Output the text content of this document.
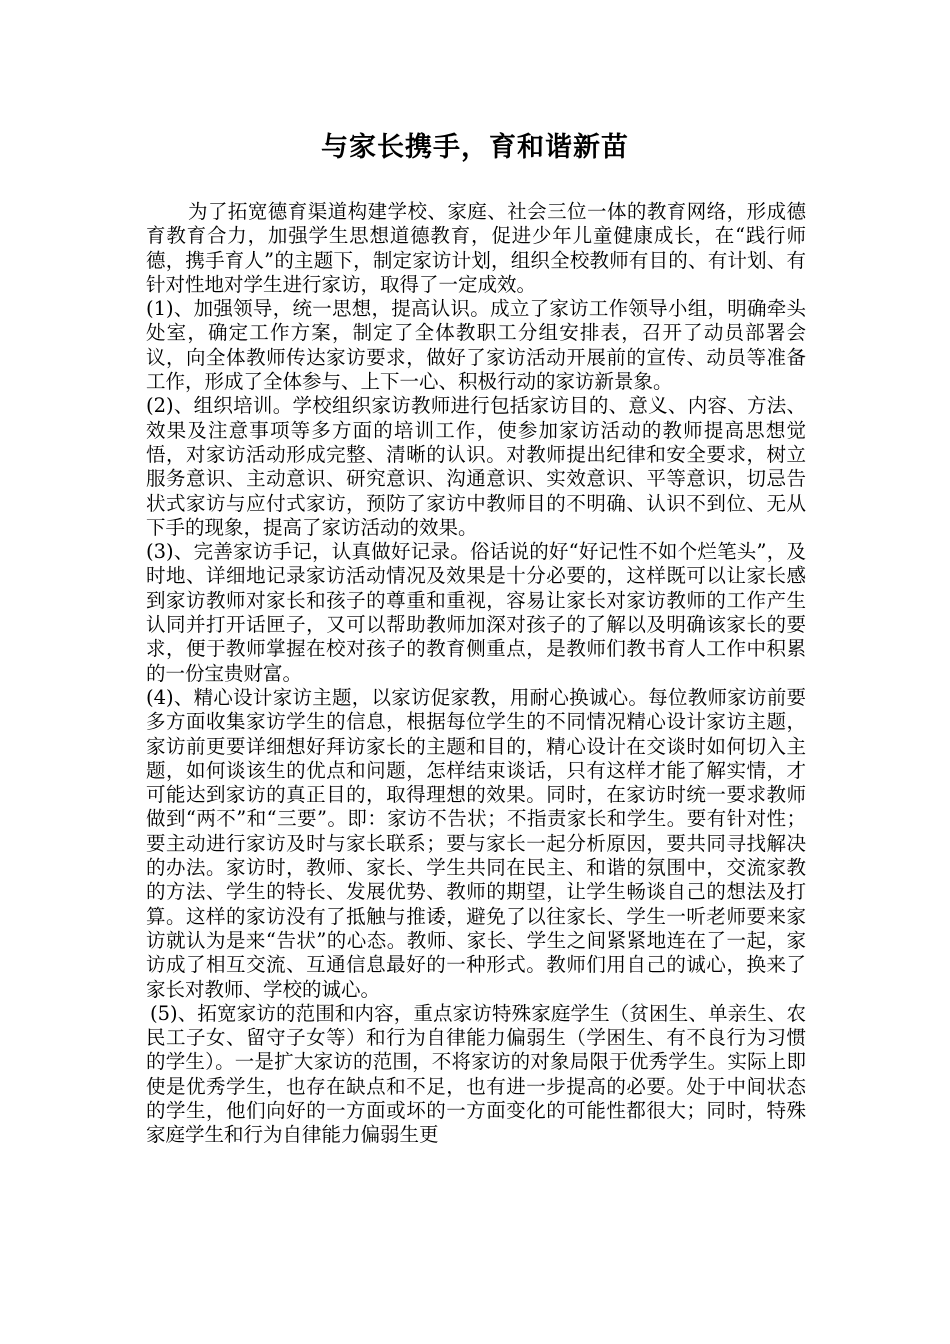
与家长携手，育和谐新苗

为了拓宽德育渠道构建学校、家庭、社会三位一体的教育网络，形成德育教育合力，加强学生思想道德教育，促进少年儿童健康成长，在“践行师德，携手育人”的主题下，制定家访计划，组织全校教师有目的、有计划、有针对性地对学生进行家访，取得了一定成效。

(1)、加强领导，统一思想，提高认识。成立了家访工作领导小组，明确牵头处室，确定工作方案，制定了全体教职工分组安排表，召开了动员部署会议，向全体教师传达家访要求，做好了家访活动开展前的宣传、动员等准备工作，形成了全体参与、上下一心、积极行动的家访新景象。

(2)、组织培训。学校组织家访教师进行包括家访目的、意义、内容、方法、效果及注意事项等多方面的培训工作，使参加家访活动的教师提高思想觉悟，对家访活动形成完整、清晰的认识。对教师提出纪律和安全要求，树立服务意识、主动意识、研究意识、沟通意识、实效意识、平等意识，切忌告状式家访与应付式家访，预防了家访中教师目的不明确、认识不到位、无从下手的现象，提高了家访活动的效果。

(3)、完善家访手记，认真做好记录。俗话说的好“好记性不如个烂笔头”，及时地、详细地记录家访活动情况及效果是十分必要的，这样既可以让家长感到家访教师对家长和孩子的尊重和重视，容易让家长对家访教师的工作产生认同并打开话匣子，又可以帮助教师加深对孩子的了解以及明确该家长的要求，便于教师掌握在校对孩子的教育侧重点，是教师们教书育人工作中积累的一份宝贵财富。

(4)、精心设计家访主题，以家访促家教，用耐心换诚心。每位教师家访前要多方面收集家访学生的信息，根据每位学生的不同情况精心设计家访主题，家访前更要详细想好拜访家长的主题和目的，精心设计在交谈时如何切入主题，如何谈该生的优点和问题，怎样结束谈话，只有这样才能了解实情，才可能达到家访的真正目的，取得理想的效果。同时，在家访时统一要求教师做到“两不”和“三要”。即：家访不告状；不指责家长和学生。要有针对性；要主动进行家访及时与家长联系；要与家长一起分析原因，要共同寻找解决的办法。家访时，教师、家长、学生共同在民主、和谐的氛围中，交流家教的方法、学生的特长、发展优势、教师的期望，让学生畅谈自己的想法及打算。这样的家访没有了抵触与推诿，避免了以往家长、学生一听老师要来家访就认为是来“告状”的心态。教师、家长、学生之间紧紧地连在了一起，家访成了相互交流、互通信息最好的一种形式。教师们用自己的诚心，换来了家长对教师、学校的诚心。

(5)、拓宽家访的范围和内容，重点家访特殊家庭学生（贫困生、单亲生、农民工子女、留守子女等）和行为自律能力偏弱生（学困生、有不良行为习惯的学生）。一是扩大家访的范围，不将家访的对象局限于优秀学生。实际上即使是优秀学生，也存在缺点和不足，也有进一步提高的必要。处于中间状态的学生，他们向好的一方面或坏的一方面变化的可能性都很大；同时，特殊家庭学生和行为自律能力偏弱生更
